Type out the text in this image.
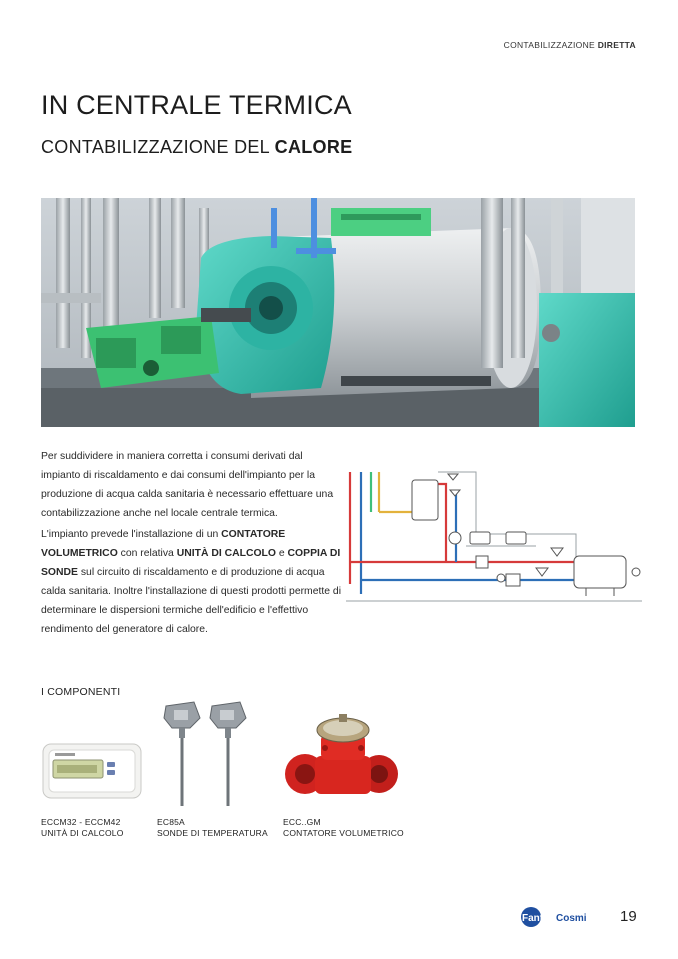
CONTABILIZZAZIONE DIRETTA
IN CENTRALE TERMICA
CONTABILIZZAZIONE DEL CALORE

Per suddividere in maniera corretta i consumi derivati dal impianto di riscaldamento e dai consumi dell'impianto per la produzione di acqua calda sanitaria è necessario effettuare una contabilizzazione anche nel locale centrale termica.

L'impianto prevede l'installazione di un CONTATORE VOLUMETRICO con relativa UNITÀ DI CALCOLO e COPPIA DI SONDE sul circuito di riscaldamento e di produzione di acqua calda sanitaria. Inoltre l'installazione di questi prodotti permette di determinare le dispersioni termiche dell'edificio e l'effettivo rendimento del generatore di calore.

I COMPONENTI
ECCM32 - ECCM42
UNITÀ DI CALCOLO
EC85A
SONDE DI TEMPERATURA
ECC..GM
CONTATORE VOLUMETRICO
Fantini Cosmi 19
